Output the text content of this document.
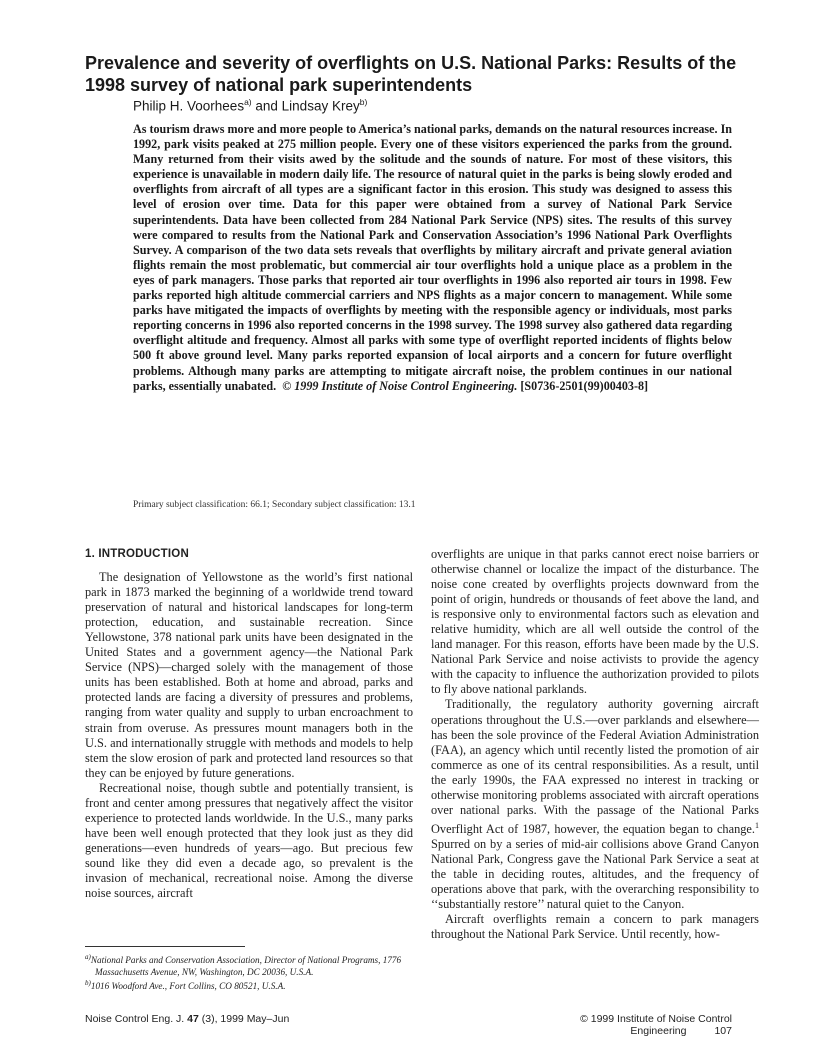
Prevalence and severity of overflights on U.S. National Parks: Results of the 1998 survey of national park superintendents
Philip H. Voorhees$^{a)}$ and Lindsay Krey$^{b)}$
As tourism draws more and more people to America’s national parks, demands on the natural resources increase. In 1992, park visits peaked at 275 million people. Every one of these visitors experienced the parks from the ground. Many returned from their visits awed by the solitude and the sounds of nature. For most of these visitors, this experience is unavailable in modern daily life. The resource of natural quiet in the parks is being slowly eroded and overflights from aircraft of all types are a significant factor in this erosion. This study was designed to assess this level of erosion over time. Data for this paper were obtained from a survey of National Park Service superintendents. Data have been collected from 284 National Park Service (NPS) sites. The results of this survey were compared to results from the National Park and Conservation Association’s 1996 National Park Overflights Survey. A comparison of the two data sets reveals that overflights by military aircraft and private general aviation flights remain the most problematic, but commercial air tour overflights hold a unique place as a problem in the eyes of park managers. Those parks that reported air tour overflights in 1996 also reported air tours in 1998. Few parks reported high altitude commercial carriers and NPS flights as a major concern to management. While some parks have mitigated the impacts of overflights by meeting with the responsible agency or individuals, most parks reporting concerns in 1996 also reported concerns in the 1998 survey. The 1998 survey also gathered data regarding overflight altitude and frequency. Almost all parks with some type of overflight reported incidents of flights below 500 ft above ground level. Many parks reported expansion of local airports and a concern for future overflight problems. Although many parks are attempting to mitigate aircraft noise, the problem continues in our national parks, essentially unabated. © 1999 Institute of Noise Control Engineering. [S0736-2501(99)00403-8]

Primary subject classification: 66.1; Secondary subject classification: 13.1

1. INTRODUCTION

The designation of Yellowstone as the world’s first national park in 1873 marked the beginning of a worldwide trend toward preservation of natural and historical landscapes for long-term protection, education, and sustainable recreation. Since Yellowstone, 378 national park units have been designated in the United States and a government agency—the National Park Service (NPS)—charged solely with the management of those units has been established. Both at home and abroad, parks and protected lands are facing a diversity of pressures and problems, ranging from water quality and supply to urban encroachment to strain from overuse. As pressures mount managers both in the U.S. and internationally struggle with methods and models to help stem the slow erosion of park and protected land resources so that they can be enjoyed by future generations.

Recreational noise, though subtle and potentially transient, is front and center among pressures that negatively affect the visitor experience to protected lands worldwide. In the U.S., many parks have been well enough protected that they look just as they did generations—even hundreds of years—ago. But precious few sound like they did even a decade ago, so prevalent is the invasion of mechanical, recreational noise. Among the diverse noise sources, aircraft

overflights are unique in that parks cannot erect noise barriers or otherwise channel or localize the impact of the disturbance. The noise cone created by overflights projects downward from the point of origin, hundreds or thousands of feet above the land, and is responsive only to environmental factors such as elevation and relative humidity, which are all well outside the control of the land manager. For this reason, efforts have been made by the U.S. National Park Service and noise activists to provide the agency with the capacity to influence the authorization provided to pilots to fly above national parklands.

Traditionally, the regulatory authority governing aircraft operations throughout the U.S.—over parklands and elsewhere—has been the sole province of the Federal Aviation Administration (FAA), an agency which until recently listed the promotion of air commerce as one of its central responsibilities. As a result, until the early 1990s, the FAA expressed no interest in tracking or otherwise monitoring problems associated with aircraft operations over national parks. With the passage of the National Parks Overflight Act of 1987, however, the equation began to change.$^1$ Spurred on by a series of mid-air collisions above Grand Canyon National Park, Congress gave the National Park Service a seat at the table in deciding routes, altitudes, and the frequency of operations above that park, with the overarching responsibility to ‘‘substantially restore’’ natural quiet to the Canyon.

Aircraft overflights remain a concern to park managers throughout the National Park Service. Until recently, how-

$^{a)}$National Parks and Conservation Association, Director of National Programs, 1776 Massachusetts Avenue, NW, Washington, DC 20036, U.S.A.

$^{b)}$1016 Woodford Ave., Fort Collins, CO 80521, U.S.A.

Noise Control Eng. J. 47 (3), 1999 May–Jun	© 1999 Institute of Noise Control Engineering	107
